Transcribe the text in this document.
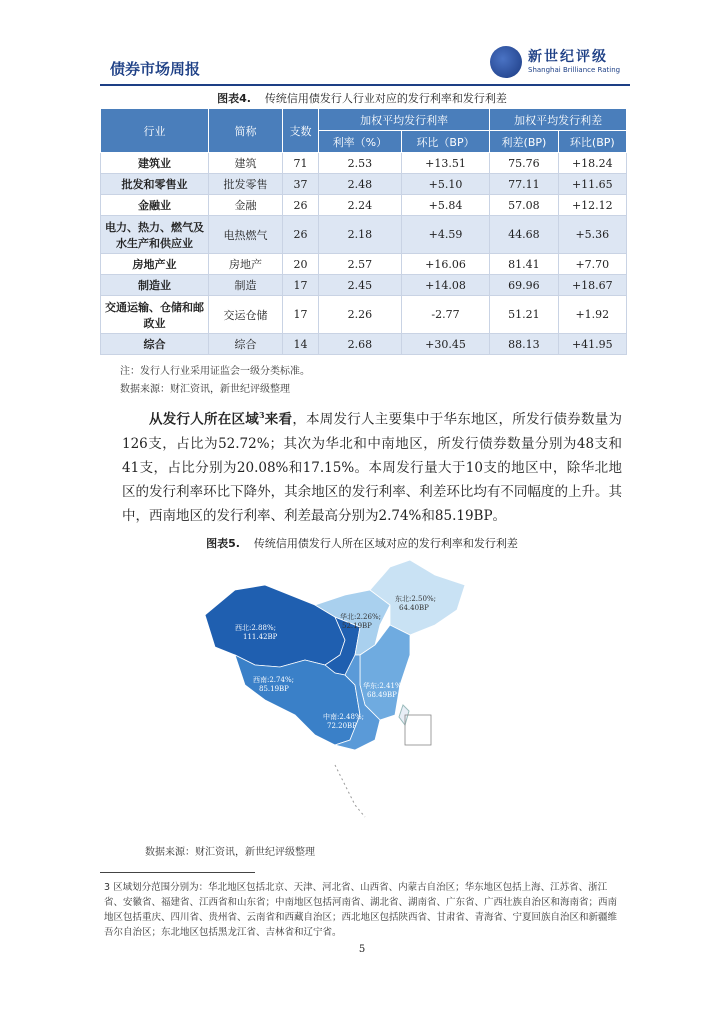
债券市场周报
新世纪评级
Shanghai Brilliance Rating
图表4. 传统信用债发行人行业对应的发行利率和发行利差
行业	简称	支数	加权平均发行利率		加权平均发行利差	
			利率（%）	环比（BP）	利差(BP)	环比(BP)
建筑业	建筑	71	2.53	+13.51	75.76	+18.24
批发和零售业	批发零售	37	2.48	+5.10	77.11	+11.65
金融业	金融	26	2.24	+5.84	57.08	+12.12
电力、热力、燃气及水生产和供应业	电热燃气	26	2.18	+4.59	44.68	+5.36
房地产业	房地产	20	2.57	+16.06	81.41	+7.70
制造业	制造	17	2.45	+14.08	69.96	+18.67
交通运输、仓储和邮政业	交运仓储	17	2.26	-2.77	51.21	+1.92
综合	综合	14	2.68	+30.45	88.13	+41.95
注：发行人行业采用证监会一级分类标准。
数据来源：财汇资讯，新世纪评级整理
从发行人所在区域$^3$来看，本周发行人主要集中于华东地区，所发行债券数量为126支，占比为52.72%；其次为华北和中南地区，所发行债券数量分别为48支和41支，占比分别为20.08%和17.15%。本周发行量大于10支的地区中，除华北地区的发行利率环比下降外，其余地区的发行利率、利差环比均有不同幅度的上升。其中，西南地区的发行利率、利差最高分别为2.74%和85.19BP。
图表5. 传统信用债发行人所在区域对应的发行利率和发行利差
西北:2.88%;
111.42BP
西南:2.74%;
85.19BP
华北:2.26%;
52.19BP
东北:2.50%;
64.40BP
华东:2.41%;
68.49BP
中南:2.48%;
72.20BP
数据来源：财汇资讯，新世纪评级整理
3 区域划分范围分别为：华北地区包括北京、天津、河北省、山西省、内蒙古自治区；华东地区包括上海、江苏省、浙江省、安徽省、福建省、江西省和山东省；中南地区包括河南省、湖北省、湖南省、广东省、广西壮族自治区和海南省；西南地区包括重庆、四川省、贵州省、云南省和西藏自治区；西北地区包括陕西省、甘肃省、青海省、宁夏回族自治区和新疆维吾尔自治区；东北地区包括黑龙江省、吉林省和辽宁省。
5
